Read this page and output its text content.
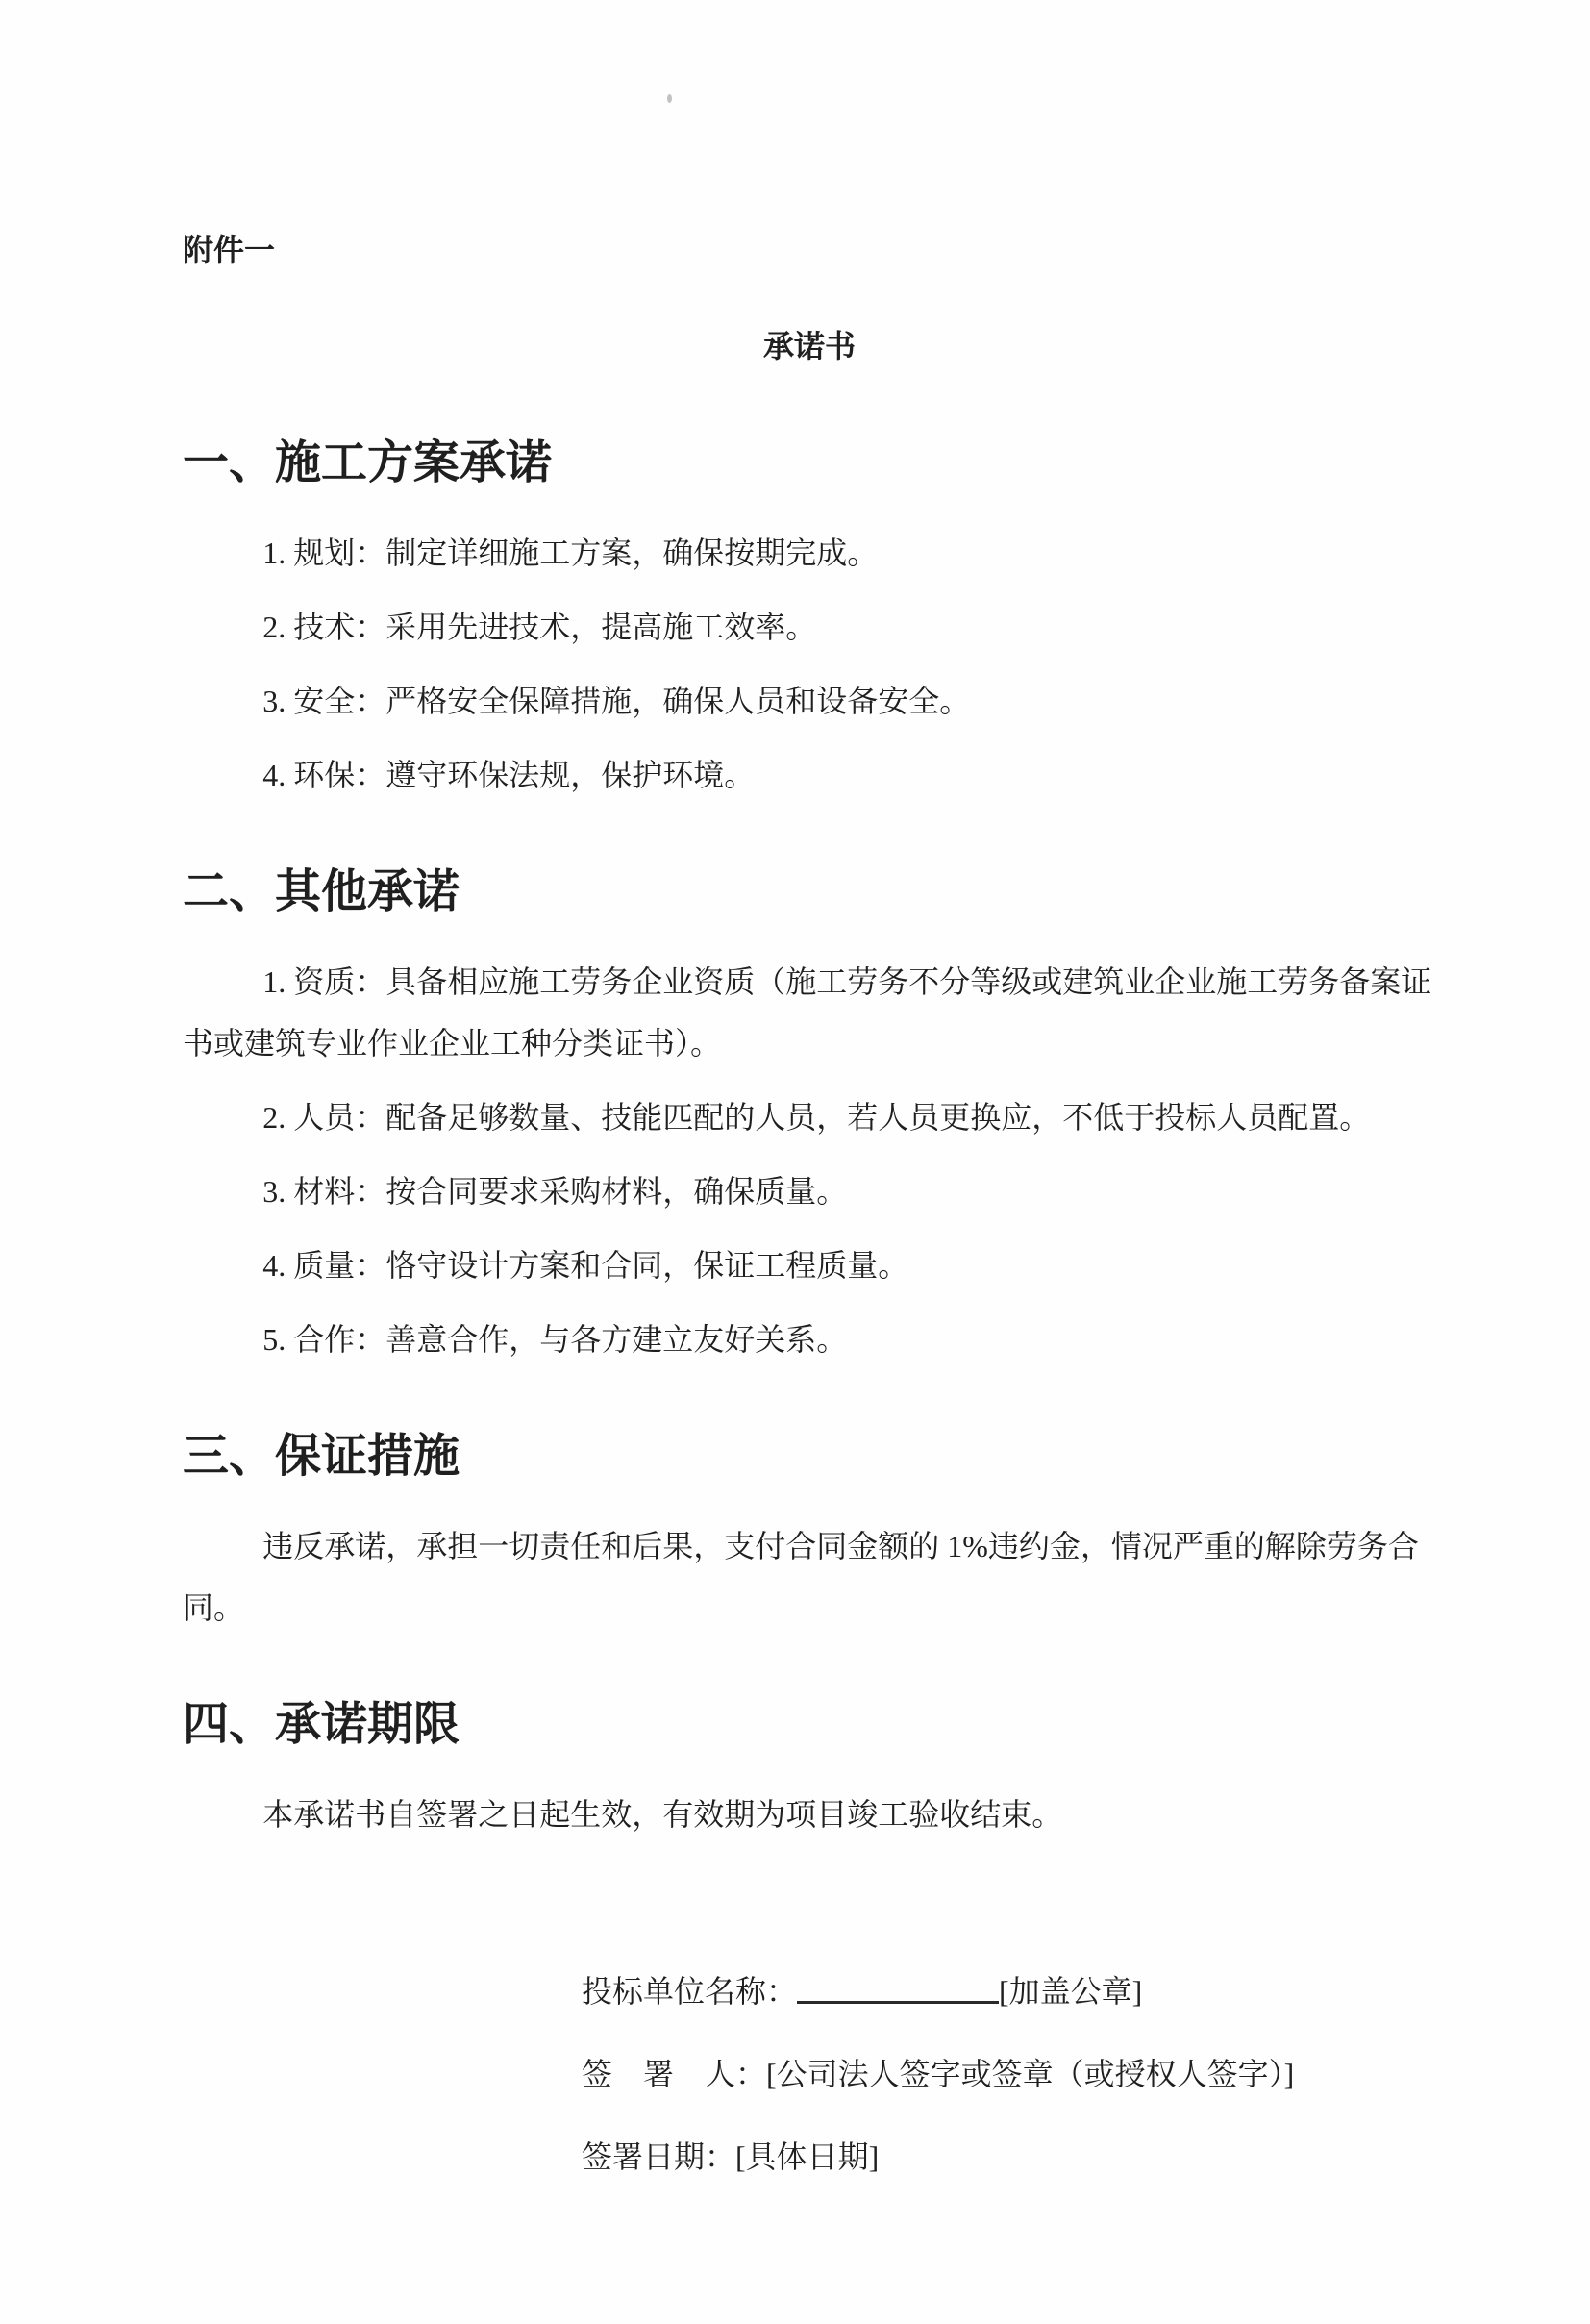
附件一

承诺书
一、施工方案承诺

1. 规划：制定详细施工方案，确保按期完成。

2. 技术：采用先进技术，提高施工效率。

3. 安全：严格安全保障措施，确保人员和设备安全。

4. 环保：遵守环保法规，保护环境。

二、其他承诺

1. 资质：具备相应施工劳务企业资质（施工劳务不分等级或建筑业企业施工劳务备案证书或建筑专业作业企业工种分类证书）。

2. 人员：配备足够数量、技能匹配的人员，若人员更换应，不低于投标人员配置。

3. 材料：按合同要求采购材料，确保质量。

4. 质量：恪守设计方案和合同，保证工程质量。

5. 合作：善意合作，与各方建立友好关系。

三、保证措施

违反承诺，承担一切责任和后果，支付合同金额的 1%违约金，情况严重的解除劳务合同。

四、承诺期限

本承诺书自签署之日起生效，有效期为项目竣工验收结束。

投标单位名称：	[加盖公章]

签　署　人：[公司法人签字或签章（或授权人签字）]

签署日期：[具体日期]
